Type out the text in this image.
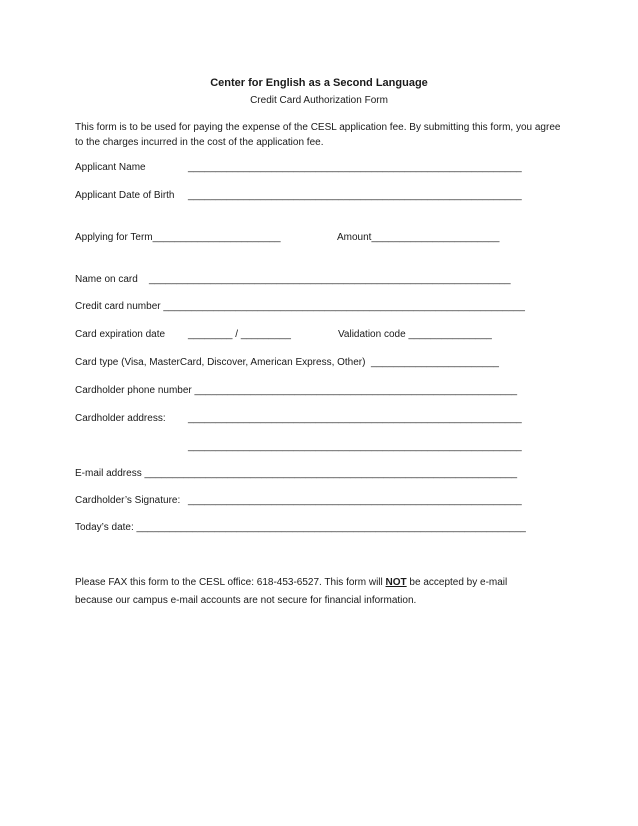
Center for English as a Second Language
Credit Card Authorization Form
This form is to be used for paying the expense of the CESL application fee. By submitting this form, you agree to the charges incurred in the cost of the application fee.
Applicant Name	____________________________________________________________
Applicant Date of Birth ____________________________________________________________
Applying for Term_______________________	Amount_______________________
Name on card _________________________________________________________________
Credit card number _________________________________________________________________
Card expiration date ________ / _________	Validation code _______________
Card type (Visa, MasterCard, Discover, American Express, Other) _______________________
Cardholder phone number __________________________________________________________
Cardholder address: ____________________________________________________________
____________________________________________________________
E-mail address ___________________________________________________________________
Cardholder’s Signature: ____________________________________________________________
Today’s date: ______________________________________________________________________
Please FAX this form to the CESL office: 618-453-6527. This form will NOT be accepted by e-mail
because our campus e-mail accounts are not secure for financial information.
